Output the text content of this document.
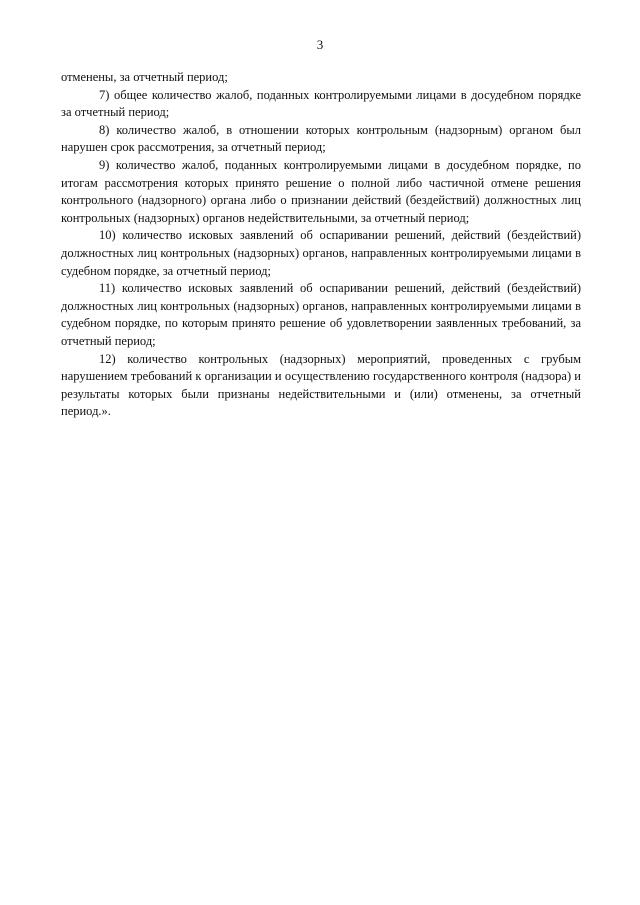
3

отменены, за отчетный период;

7) общее количество жалоб, поданных контролируемыми лицами в досудебном порядке за отчетный период;

8) количество жалоб, в отношении которых контрольным (надзорным) органом был нарушен срок рассмотрения, за отчетный период;

9) количество жалоб, поданных контролируемыми лицами в досудебном порядке, по итогам рассмотрения которых принято решение о полной либо частичной отмене решения контрольного (надзорного) органа либо о признании действий (бездействий) должностных лиц контрольных (надзорных) органов недействительными, за отчетный период;

10) количество исковых заявлений об оспаривании решений, действий (бездействий) должностных лиц контрольных (надзорных) органов, направленных контролируемыми лицами в судебном порядке, за отчетный период;

11) количество исковых заявлений об оспаривании решений, действий (бездействий) должностных лиц контрольных (надзорных) органов, направленных контролируемыми лицами в судебном порядке, по которым принято решение об удовлетворении заявленных требований, за отчетный период;

12) количество контрольных (надзорных) мероприятий, проведенных с грубым нарушением требований к организации и осуществлению государственного контроля (надзора) и результаты которых были признаны недействительными и (или) отменены, за отчетный период.».
